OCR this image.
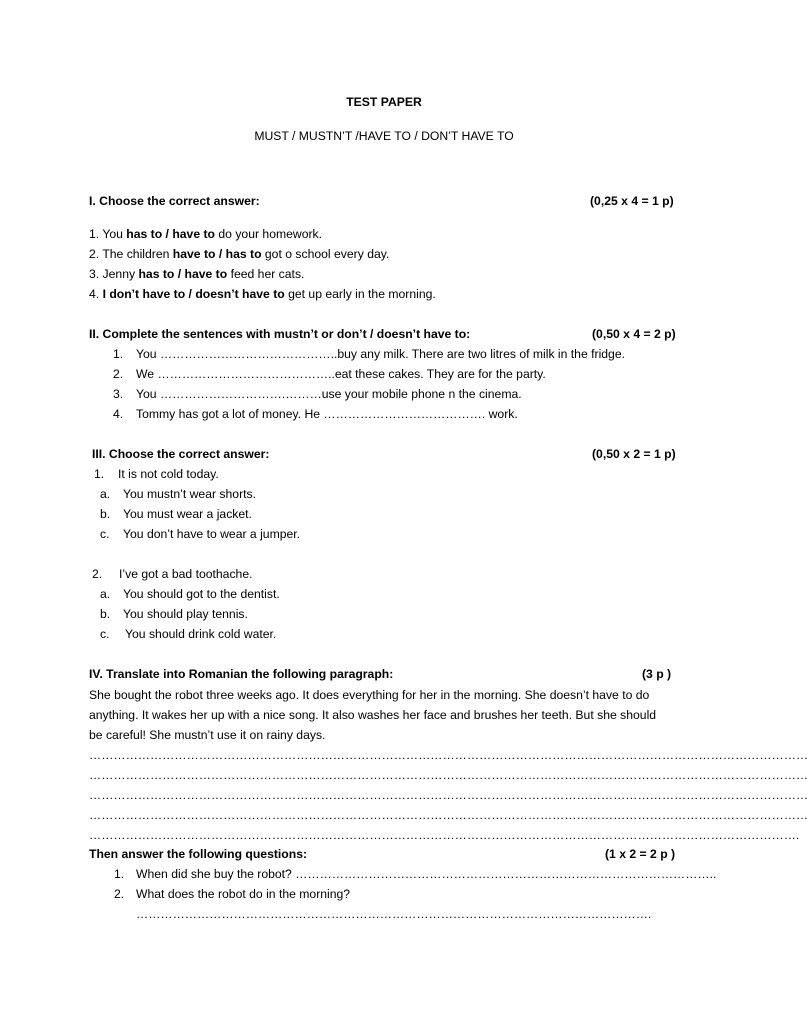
TEST PAPER
MUST / MUSTN’T /HAVE TO / DON’T HAVE TO
I. Choose the correct answer:	(0,25 x 4 = 1 p)
1. You has to / have to do your homework.
2. The children have to / has to got o school every day.
3. Jenny has to / have to feed her cats.
4. I don’t have to / doesn’t have to get up early in the morning.
II. Complete the sentences with mustn’t or don’t / doesn’t have to:	(0,50 x 4 = 2 p)
1. You ……………………………………..buy any milk. There are two litres of milk in the fridge.
2. We ……………………………………..eat these cakes. They are for the party.
3. You ………………………….………use your mobile phone n the cinema.
4. Tommy has got a lot of money. He …………………………………. work.
III. Choose the correct answer:	(0,50 x 2 = 1 p)
1. It is not cold today.
a. You mustn’t wear shorts.
b. You must wear a jacket.
c. You don’t have to wear a jumper.
2. I’ve got a bad toothache.
a. You should got to the dentist.
b. You should play tennis.
c. You should drink cold water.
IV. Translate into Romanian the following paragraph:	(3 p )
She bought the robot three weeks ago. It does everything for her in the morning. She doesn’t have to do
anything. It wakes her up with a nice song. It also washes her face and brushes her teeth. But she should
be careful! She mustn’t use it on rainy days.
……………………………………………………………………………………………………………………………………………………………
……………………………………………………………………………………………………………………………………………………………
……………………………………………………………………………………………………………………………………………………………
……………………………………………………………………………………………………………………………………………………………
………………………………………………………………………………………………………………………………………………………….
Then answer the following questions:	(1 x 2 = 2 p )
1. When did she buy the robot? …………………………………………………………………………………………..
2. What does the robot do in the morning?
……………………………………………………………………………………………………………….
